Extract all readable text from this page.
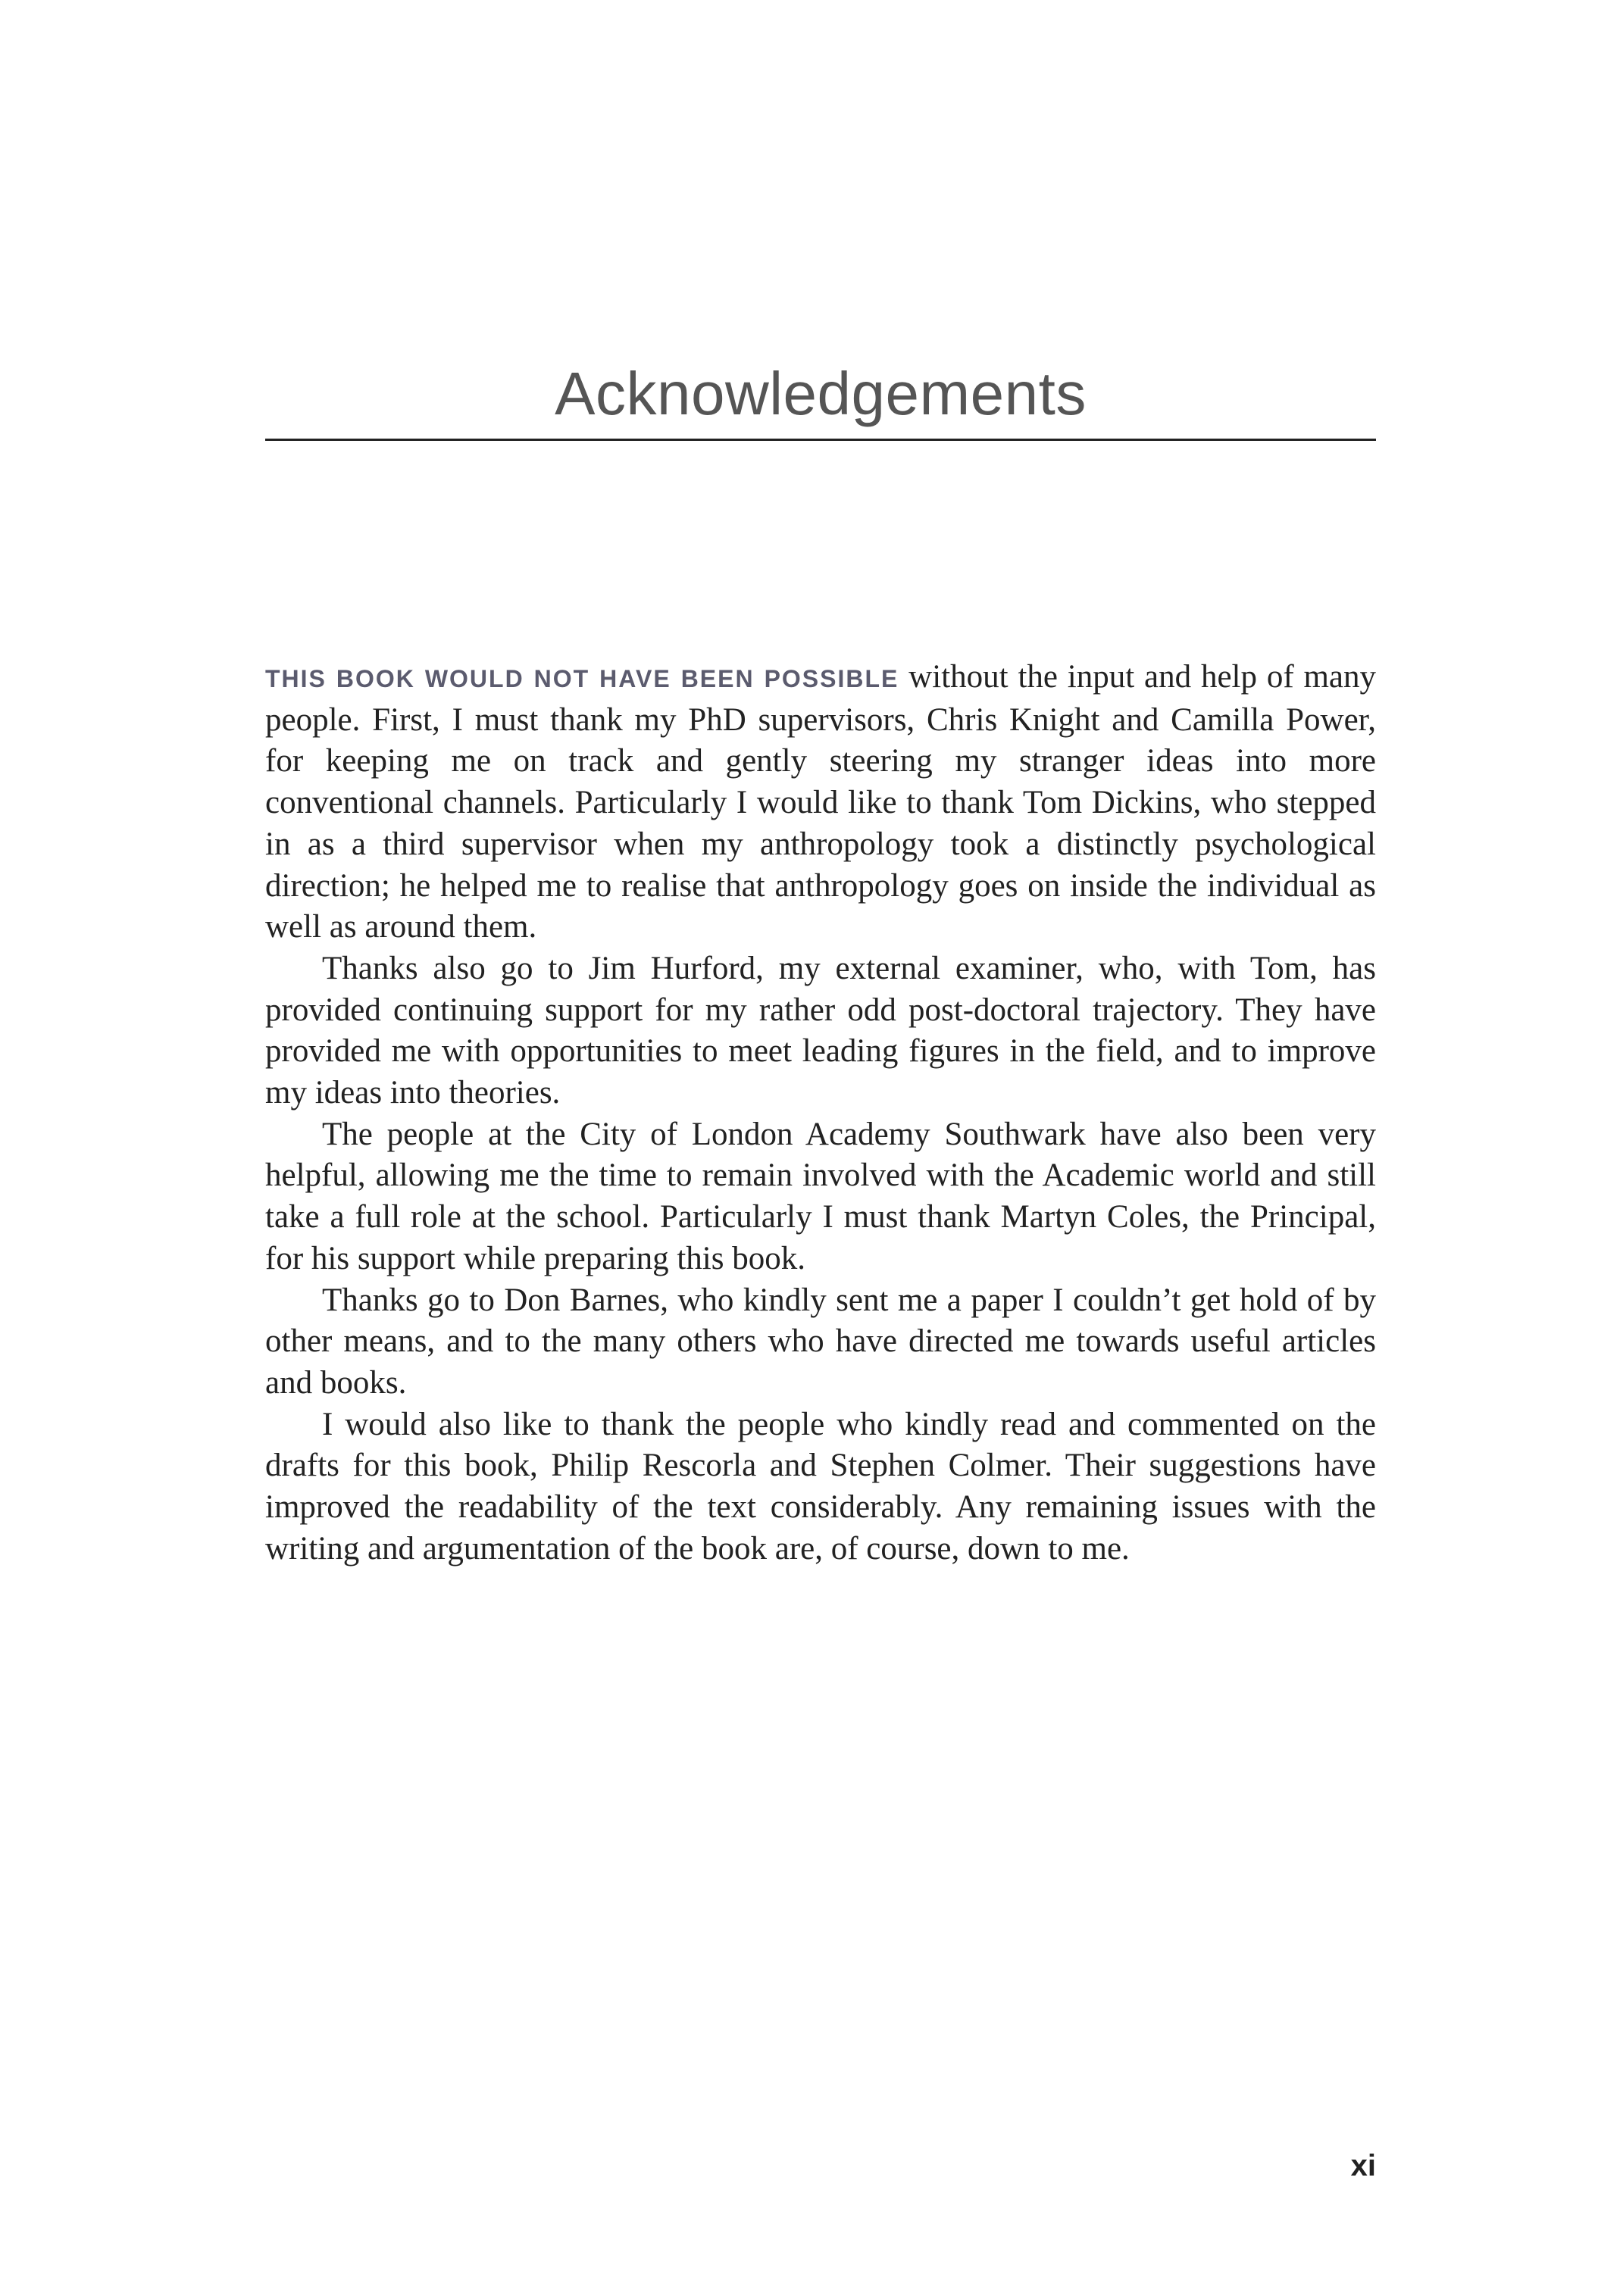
Acknowledgements

THIS BOOK WOULD NOT HAVE BEEN POSSIBLE without the input and help of many people. First, I must thank my PhD supervisors, Chris Knight and Camilla Power, for keeping me on track and gently steering my stranger ideas into more conventional channels. Particularly I would like to thank Tom Dickins, who stepped in as a third supervisor when my anthropology took a distinctly psychological direction; he helped me to realise that anthropology goes on inside the individual as well as around them.

Thanks also go to Jim Hurford, my external examiner, who, with Tom, has provided continuing support for my rather odd post-doctoral trajectory. They have provided me with opportunities to meet leading figures in the field, and to improve my ideas into theories.

The people at the City of London Academy Southwark have also been very helpful, allowing me the time to remain involved with the Academic world and still take a full role at the school. Particularly I must thank Martyn Coles, the Principal, for his support while preparing this book.

Thanks go to Don Barnes, who kindly sent me a paper I couldn’t get hold of by other means, and to the many others who have directed me towards useful articles and books.

I would also like to thank the people who kindly read and commented on the drafts for this book, Philip Rescorla and Stephen Colmer. Their suggestions have improved the readability of the text considerably. Any remaining issues with the writing and argumentation of the book are, of course, down to me.

xi
